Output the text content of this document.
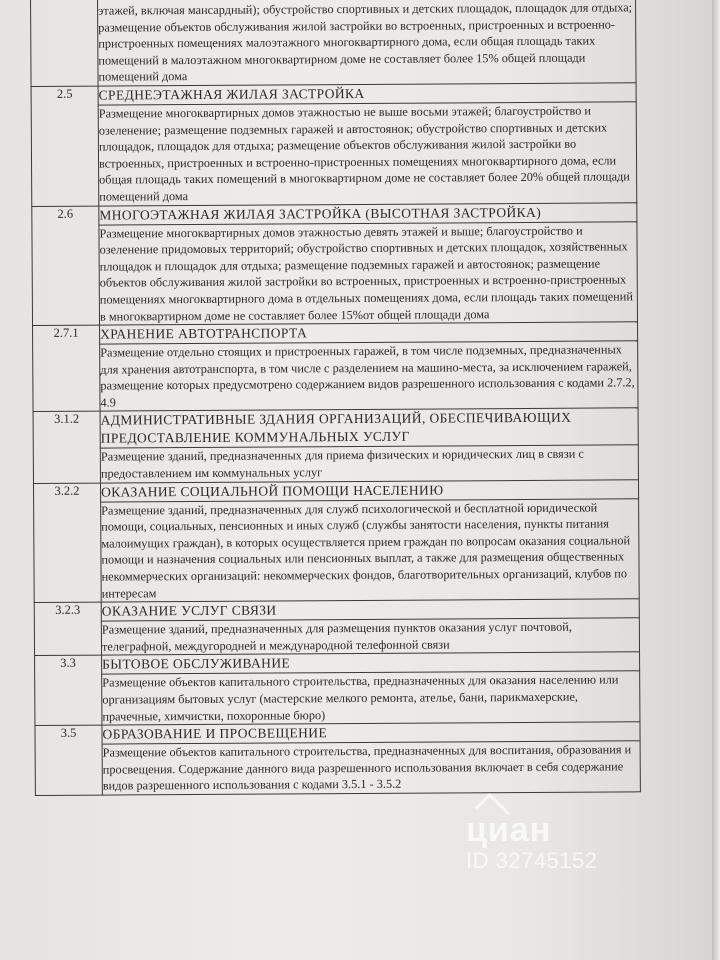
	этажей, включая мансардный); обустройство спортивных и детских площадок, площадок для отдыха; размещение объектов обслуживания жилой застройки во встроенных, пристроенных и встроенно-пристроенных помещениях малоэтажного многоквартирного дома, если общая площадь таких помещений в малоэтажном многоквартирном доме не составляет более 15% общей площади помещений дома
2.5	СРЕДНЕЭТАЖНАЯ ЖИЛАЯ ЗАСТРОЙКА
	Размещение многоквартирных домов этажностью не выше восьми этажей; благоустройство и озеленение; размещение подземных гаражей и автостоянок; обустройство спортивных и детских площадок, площадок для отдыха; размещение объектов обслуживания жилой застройки во встроенных, пристроенных и встроенно-пристроенных помещениях многоквартирного дома, если общая площадь таких помещений в многоквартирном доме не составляет более 20% общей площади помещений дома
2.6	МНОГОЭТАЖНАЯ ЖИЛАЯ ЗАСТРОЙКА (ВЫСОТНАЯ ЗАСТРОЙКА)
	Размещение многоквартирных домов этажностью девять этажей и выше; благоустройство и озеленение придомовых территорий; обустройство спортивных и детских площадок, хозяйственных площадок и площадок для отдыха; размещение подземных гаражей и автостоянок; размещение объектов обслуживания жилой застройки во встроенных, пристроенных и встроенно-пристроенных помещениях многоквартирного дома в отдельных помещениях дома, если площадь таких помещений в многоквартирном доме не составляет более 15%от общей площади дома
2.7.1	ХРАНЕНИЕ АВТОТРАНСПОРТА
	Размещение отдельно стоящих и пристроенных гаражей, в том числе подземных, предназначенных для хранения автотранспорта, в том числе с разделением на машино-места, за исключением гаражей, размещение которых предусмотрено содержанием видов разрешенного использования с кодами 2.7.2, 4.9
3.1.2	АДМИНИСТРАТИВНЫЕ ЗДАНИЯ ОРГАНИЗАЦИЙ, ОБЕСПЕЧИВАЮЩИХ ПРЕДОСТАВЛЕНИЕ КОММУНАЛЬНЫХ УСЛУГ
	Размещение зданий, предназначенных для приема физических и юридических лиц в связи с предоставлением им коммунальных услуг
3.2.2	ОКАЗАНИЕ СОЦИАЛЬНОЙ ПОМОЩИ НАСЕЛЕНИЮ
	Размещение зданий, предназначенных для служб психологической и бесплатной юридической помощи, социальных, пенсионных и иных служб (службы занятости населения, пункты питания малоимущих граждан), в которых осуществляется прием граждан по вопросам оказания социальной помощи и назначения социальных или пенсионных выплат, а также для размещения общественных некоммерческих организаций: некоммерческих фондов, благотворительных организаций, клубов по интересам
3.2.3	ОКАЗАНИЕ УСЛУГ СВЯЗИ
	Размещение зданий, предназначенных для размещения пунктов оказания услуг почтовой, телеграфной, междугородней и международной телефонной связи
3.3	БЫТОВОЕ ОБСЛУЖИВАНИЕ
	Размещение объектов капитального строительства, предназначенных для оказания населению или организациям бытовых услуг (мастерские мелкого ремонта, ателье, бани, парикмахерские, прачечные, химчистки, похоронные бюро)
3.5	ОБРАЗОВАНИЕ И ПРОСВЕЩЕНИЕ
	Размещение объектов капитального строительства, предназначенных для воспитания, образования и просвещения. Содержание данного вида разрешенного использования включает в себя содержание видов разрешенного использования с кодами 3.5.1 - 3.5.2
циан
ID 32745152
